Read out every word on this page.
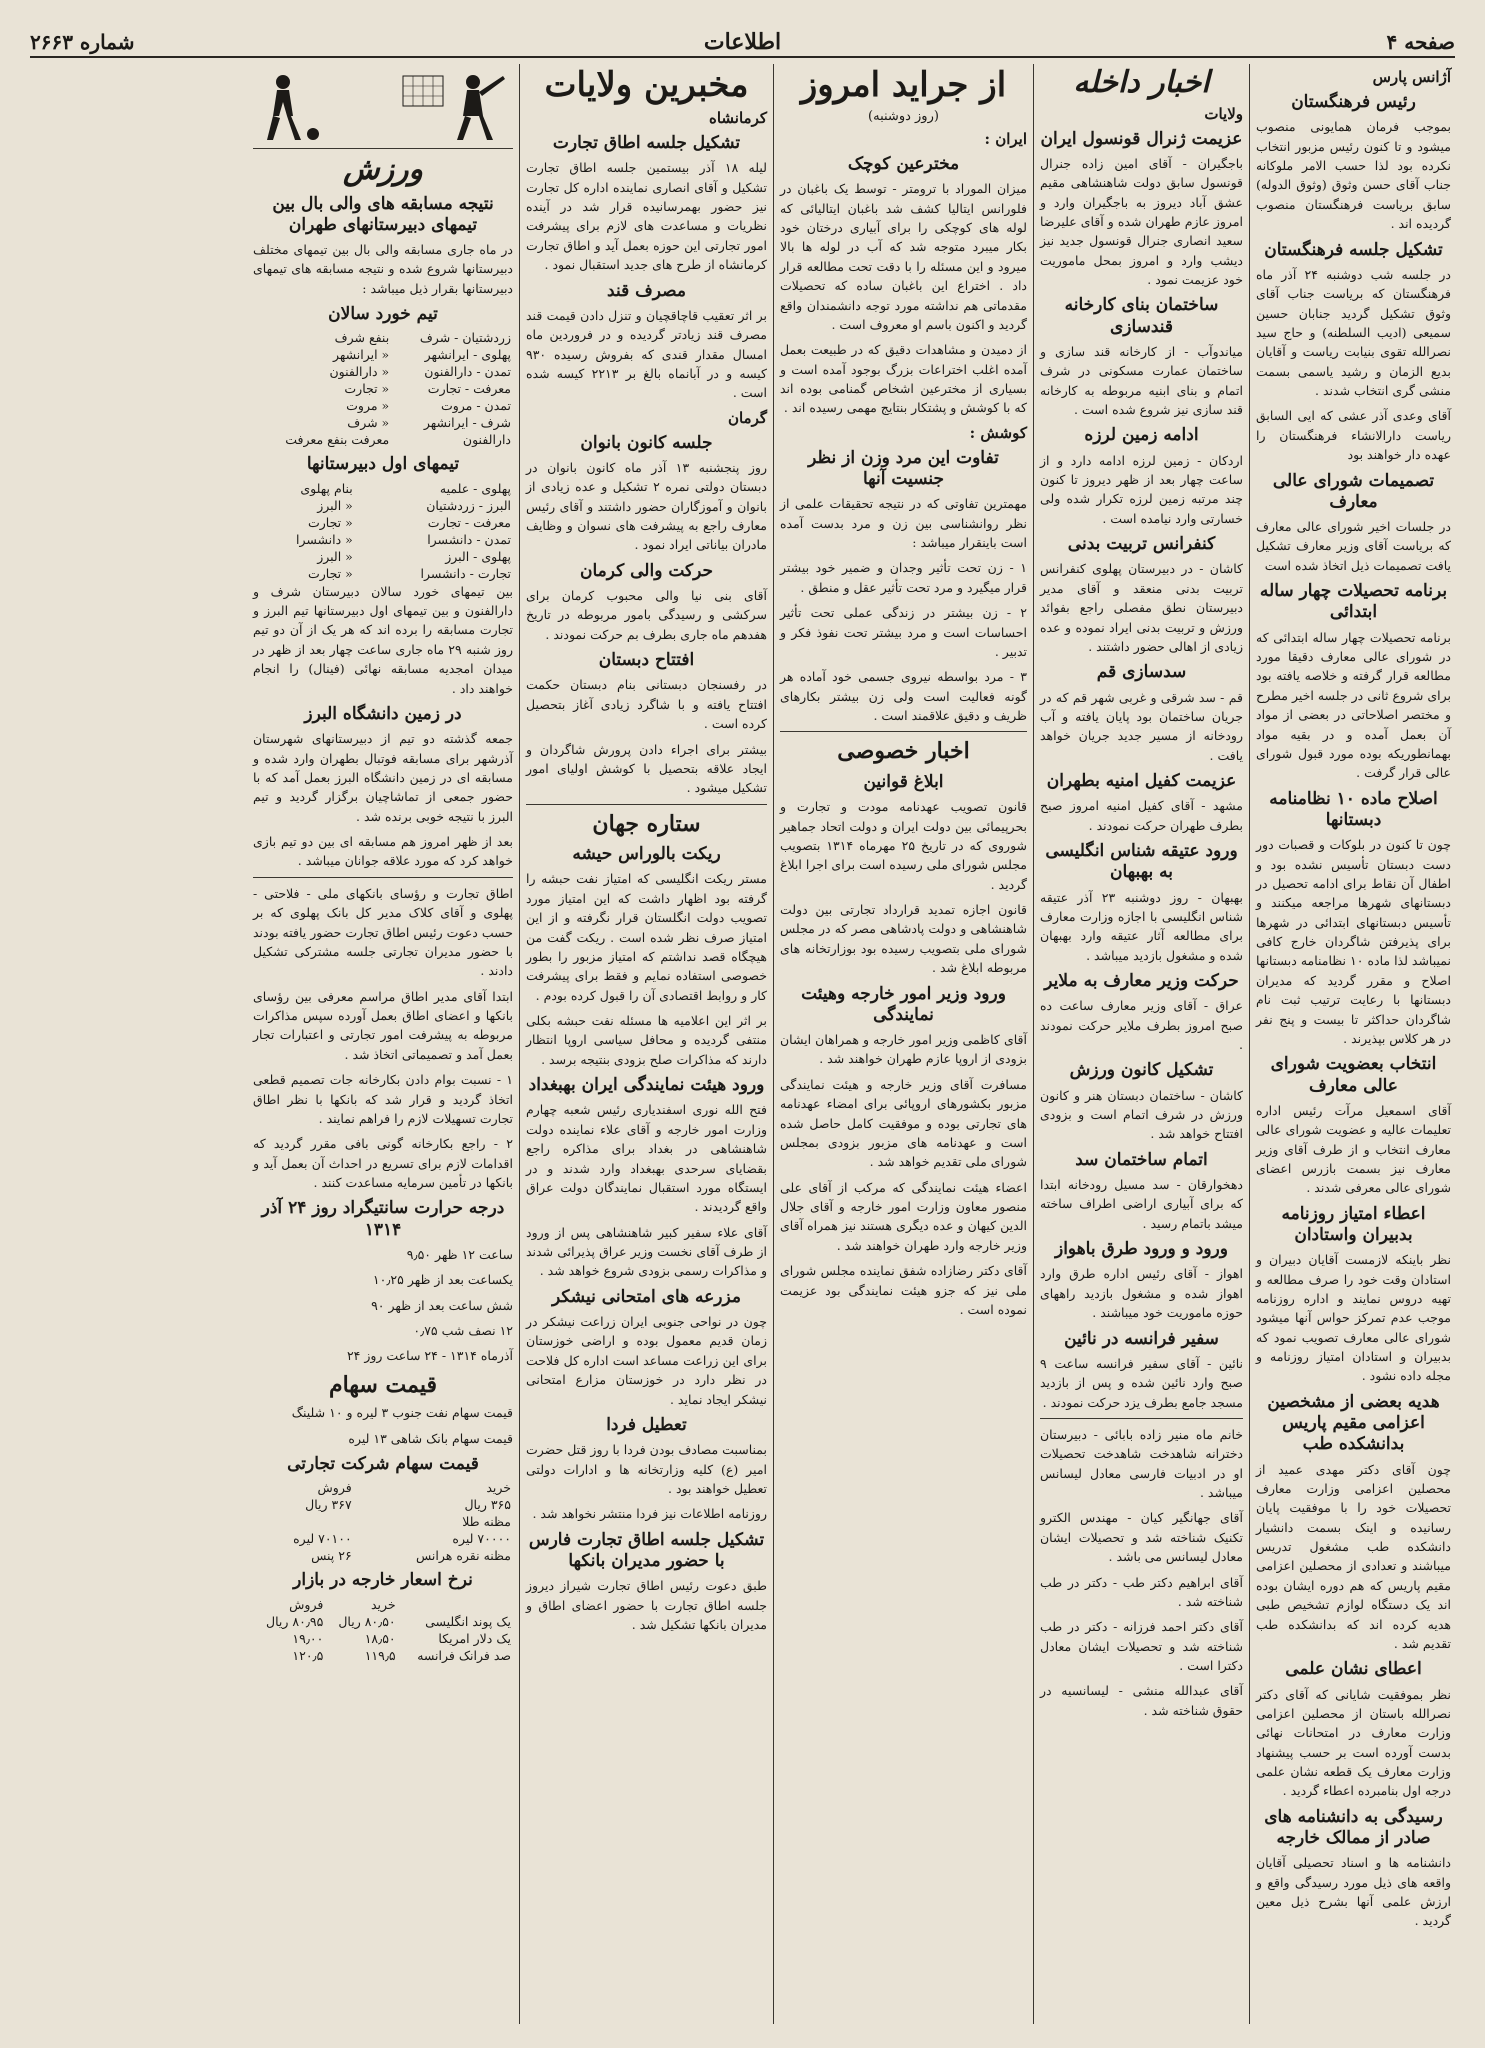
صفحه ۴
اطلاعات
شماره ۲۶۶۳
آژانس پارس
رئیس فرهنگستان

بموجب فرمان همایونی منصوب میشود و تا کنون رئیس مزبور انتخاب نکرده بود لذا حسب الامر ملوکانه جناب آقای حسن وثوق (وثوق الدوله) سابق بریاست فرهنگستان منصوب گردیده اند .

تشکیل جلسه فرهنگستان

در جلسه شب دوشنبه ۲۴ آذر ماه فرهنگستان که بریاست جناب آقای وثوق تشکیل گردید جنابان حسین سمیعی (ادیب السلطنه) و حاج سید نصرالله تقوی بنیابت ریاست و آقایان بدیع الزمان و رشید یاسمی بسمت منشی گری انتخاب شدند .

آقای وعدی آذر عشی که ایی السابق ریاست دارالانشاء فرهنگستان را عهده دار خواهند بود

تصمیمات شورای عالی معارف

در جلسات اخیر شورای عالی معارف که بریاست آقای وزیر معارف تشکیل یافت تصمیمات ذیل اتخاذ شده است

برنامه تحصیلات چهار ساله ابتدائی

برنامه تحصیلات چهار ساله ابتدائی که در شورای عالی معارف دقیقا مورد مطالعه قرار گرفته و خلاصه یافته بود برای شروع ثانی در جلسه اخیر مطرح و مختصر اصلاحاتی در بعضی از مواد آن بعمل آمده و در بقیه مواد بهمانطوریکه بوده مورد قبول شورای عالی قرار گرفت .

اصلاح ماده ۱۰ نظامنامه دبستانها

چون تا کنون در بلوکات و قصبات دور دست دبستان تأسیس نشده بود و اطفال آن نقاط برای ادامه تحصیل در دبستانهای شهرها مراجعه میکنند و تأسیس دبستانهای ابتدائی در شهرها برای پذیرفتن شاگردان خارج کافی نمیباشد لذا ماده ۱۰ نظامنامه دبستانها اصلاح و مقرر گردید که مدیران دبستانها با رعایت ترتیب ثبت نام شاگردان حداکثر تا بیست و پنج نفر در هر کلاس بپذیرند .

انتخاب بعضویت شورای عالی معارف

آقای اسمعیل مرآت رئیس اداره تعلیمات عالیه و عضویت شورای عالی معارف انتخاب و از طرف آقای وزیر معارف نیز بسمت بازرس اعضای شورای عالی معرفی شدند .

اعطاء امتیاز روزنامه بدبیران واستادان

نظر باینکه لازمست آقایان دبیران و استادان وقت خود را صرف مطالعه و تهیه دروس نمایند و اداره روزنامه موجب عدم تمرکز حواس آنها میشود شورای عالی معارف تصویب نمود که بدبیران و استادان امتیاز روزنامه و مجله داده نشود .

هدیه بعضی از مشخصین اعزامی مقیم پاریس بدانشکده طب

چون آقای دکتر مهدی عمید از محصلین اعزامی وزارت معارف تحصیلات خود را با موفقیت پایان رسانیده و اینک بسمت دانشیار دانشکده طب مشغول تدریس میباشند و تعدادی از محصلین اعزامی مقیم پاریس که هم دوره ایشان بوده اند یک دستگاه لوازم تشخیص طبی هدیه کرده اند که بدانشکده طب تقدیم شد .

اعطای نشان علمی

نظر بموفقیت شایانی که آقای دکتر نصرالله باستان از محصلین اعزامی وزارت معارف در امتحانات نهائی بدست آورده است بر حسب پیشنهاد وزارت معارف یک قطعه نشان علمی درجه اول بنامبرده اعطاء گردید .

رسیدگی به دانشنامه های صادر از ممالک خارجه

دانشنامه ها و اسناد تحصیلی آقایان واقعه های ذیل مورد رسیدگی واقع و ارزش علمی آنها بشرح ذیل معین گردید .

اخبار داخله
ولایات
عزیمت ژنرال قونسول ایران

باجگیران - آقای امین زاده جنرال قونسول سابق دولت شاهنشاهی مقیم عشق آباد دیروز به باجگیران وارد و امروز عازم طهران شده و آقای علیرضا سعید انصاری جنرال قونسول جدید نیز دیشب وارد و امروز بمحل ماموریت خود عزیمت نمود .

ساختمان بنای کارخانه قندسازی

میاندوآب - از کارخانه قند سازی و ساختمان عمارت مسکونی در شرف اتمام و بنای ابنیه مربوطه به کارخانه قند سازی نیز شروع شده است .

ادامه زمین لرزه

اردکان - زمین لرزه ادامه دارد و از ساعت چهار بعد از ظهر دیروز تا کنون چند مرتبه زمین لرزه تکرار شده ولی خسارتی وارد نیامده است .

کنفرانس تربیت بدنی

کاشان - در دبیرستان پهلوی کنفرانس تربیت بدنی منعقد و آقای مدیر دبیرستان نطق مفصلی راجع بفوائد ورزش و تربیت بدنی ایراد نموده و عده زیادی از اهالی حضور داشتند .

سدسازی قم

قم - سد شرقی و غربی شهر قم که در جریان ساختمان بود پایان یافته و آب رودخانه از مسیر جدید جریان خواهد یافت .

عزیمت کفیل امنیه بطهران

مشهد - آقای کفیل امنیه امروز صبح بطرف طهران حرکت نمودند .

ورود عتیقه شناس انگلیسی به بهبهان

بهبهان - روز دوشنبه ۲۳ آذر عتیقه شناس انگلیسی با اجازه وزارت معارف برای مطالعه آثار عتیقه وارد بهبهان شده و مشغول بازدید میباشد .

حرکت وزیر معارف به ملایر

عراق - آقای وزیر معارف ساعت ده صبح امروز بطرف ملایر حرکت نمودند .

تشکیل کانون ورزش

کاشان - ساختمان دبستان هنر و کانون ورزش در شرف اتمام است و بزودی افتتاح خواهد شد .

اتمام ساختمان سد

دهخوارقان - سد مسیل رودخانه ابتدا که برای آبیاری اراضی اطراف ساخته میشد باتمام رسید .

ورود و ورود طرق باهواز

اهواز - آقای رئیس اداره طرق وارد اهواز شده و مشغول بازدید راههای حوزه ماموریت خود میباشند .

سفیر فرانسه در نائین

نائین - آقای سفیر فرانسه ساعت ۹ صبح وارد نائین شده و پس از بازدید مسجد جامع بطرف یزد حرکت نمودند .

خانم ماه منیر زاده بابائی - دبیرستان دخترانه شاهدخت شاهدخت تحصیلات او در ادبیات فارسی معادل لیسانس میباشد .

آقای جهانگیر کیان - مهندس الکترو تکنیک شناخته شد و تحصیلات ایشان معادل لیسانس می باشد .

آقای ابراهیم دکتر طب - دکتر در طب شناخته شد .

آقای دکتر احمد فرزانه - دکتر در طب شناخته شد و تحصیلات ایشان معادل دکترا است .

آقای عبدالله منشی - لیسانسیه در حقوق شناخته شد .

از جراید امروز
(روز دوشنبه)
ایران :
مخترعین کوچک

میزان الموراد با ترومتر - توسط یک باغبان در فلورانس ایتالیا کشف شد باغبان ایتالیائی که لوله های کوچکی را برای آبیاری درختان خود بکار میبرد متوجه شد که آب در لوله ها بالا میرود و این مسئله را با دقت تحت مطالعه قرار داد . اختراع این باغبان ساده که تحصیلات مقدماتی هم نداشته مورد توجه دانشمندان واقع گردید و اکنون باسم او معروف است .

از دمیدن و مشاهدات دقیق که در طبیعت بعمل آمده اغلب اختراعات بزرگ بوجود آمده است و بسیاری از مخترعین اشخاص گمنامی بوده اند که با کوشش و پشتکار بنتایج مهمی رسیده اند .

کوشش :
تفاوت این مرد وزن از نظر جنسیت آنها

مهمترین تفاوتی که در نتیجه تحقیقات علمی از نظر روانشناسی بین زن و مرد بدست آمده است باینقرار میباشد :

۱ - زن تحت تأثیر وجدان و ضمیر خود بیشتر قرار میگیرد و مرد تحت تأثیر عقل و منطق .

۲ - زن بیشتر در زندگی عملی تحت تأثیر احساسات است و مرد بیشتر تحت نفوذ فکر و تدبیر .

۳ - مرد بواسطه نیروی جسمی خود آماده هر گونه فعالیت است ولی زن بیشتر بکارهای ظریف و دقیق علاقمند است .

اخبار خصوصی
ابلاغ قوانین

قانون تصویب عهدنامه مودت و تجارت و بحرپیمائی بین دولت ایران و دولت اتحاد جماهیر شوروی که در تاریخ ۲۵ مهرماه ۱۳۱۴ بتصویب مجلس شورای ملی رسیده است برای اجرا ابلاغ گردید .

قانون اجازه تمدید قرارداد تجارتی بین دولت شاهنشاهی و دولت پادشاهی مصر که در مجلس شورای ملی بتصویب رسیده بود بوزارتخانه های مربوطه ابلاغ شد .

ورود وزیر امور خارجه وهیئت نمایندگی

آقای کاظمی وزیر امور خارجه و همراهان ایشان بزودی از اروپا عازم طهران خواهند شد .

مسافرت آقای وزیر خارجه و هیئت نمایندگی مزبور بکشورهای اروپائی برای امضاء عهدنامه های تجارتی بوده و موفقیت کامل حاصل شده است و عهدنامه های مزبور بزودی بمجلس شورای ملی تقدیم خواهد شد .

اعضاء هیئت نمایندگی که مرکب از آقای علی منصور معاون وزارت امور خارجه و آقای جلال الدین کیهان و عده دیگری هستند نیز همراه آقای وزیر خارجه وارد طهران خواهند شد .

آقای دکتر رضازاده شفق نماینده مجلس شورای ملی نیز که جزو هیئت نمایندگی بود عزیمت نموده است .

مخبرین ولایات
کرمانشاه
تشکیل جلسه اطاق تجارت

لیله ۱۸ آذر بیستمین جلسه اطاق تجارت تشکیل و آقای انصاری نماینده اداره کل تجارت نیز حضور بهمرسانیده قرار شد در آینده نظریات و مساعدت های لازم برای پیشرفت امور تجارتی این حوزه بعمل آید و اطاق تجارت کرمانشاه از طرح های جدید استقبال نمود .

مصرف قند

بر اثر تعقیب قاچاقچیان و تنزل دادن قیمت قند مصرف قند زیادتر گردیده و در فروردین ماه امسال مقدار قندی که بفروش رسیده ۹۳۰ کیسه و در آبانماه بالغ بر ۲۲۱۳ کیسه شده است .

گرمان
جلسه کانون بانوان

روز پنجشنبه ۱۳ آذر ماه کانون بانوان در دبستان دولتی نمره ۲ تشکیل و عده زیادی از بانوان و آموزگاران حضور داشتند و آقای رئیس معارف راجع به پیشرفت های نسوان و وظایف مادران بیاناتی ایراد نمود .

حرکت والی کرمان

آقای بنی نیا والی محبوب کرمان برای سرکشی و رسیدگی بامور مربوطه در تاریخ هفدهم ماه جاری بطرف بم حرکت نمودند .

افتتاح دبستان

در رفسنجان دبستانی بنام دبستان حکمت افتتاح یافته و با شاگرد زیادی آغاز بتحصیل کرده است .

بیشتر برای اجراء دادن پرورش شاگردان و ایجاد علاقه بتحصیل با کوشش اولیای امور تشکیل میشود .

ستاره جهان
ریکت بالوراس حیشه

مستر ریکت انگلیسی که امتیاز نفت حبشه را گرفته بود اظهار داشت که این امتیاز مورد تصویب دولت انگلستان قرار نگرفته و از این امتیاز صرف نظر شده است . ریکت گفت من هیچگاه قصد نداشتم که امتیاز مزبور را بطور خصوصی استفاده نمایم و فقط برای پیشرفت کار و روابط اقتصادی آن را قبول کرده بودم .

بر اثر این اعلامیه ها مسئله نفت حبشه بکلی منتفی گردیده و محافل سیاسی اروپا انتظار دارند که مذاکرات صلح بزودی بنتیجه برسد .

ورود هیئت نمایندگی ایران بهبغداد

فتح الله نوری اسفندیاری رئیس شعبه چهارم وزارت امور خارجه و آقای علاء نماینده دولت شاهنشاهی در بغداد برای مذاکره راجع بقضایای سرحدی بهبغداد وارد شدند و در ایستگاه مورد استقبال نمایندگان دولت عراق واقع گردیدند .

آقای علاء سفیر کبیر شاهنشاهی پس از ورود از طرف آقای نخست وزیر عراق پذیرائی شدند و مذاکرات رسمی بزودی شروع خواهد شد .

مزرعه های امتحانی نیشکر

چون در نواحی جنوبی ایران زراعت نیشکر در زمان قدیم معمول بوده و اراضی خوزستان برای این زراعت مساعد است اداره کل فلاحت در نظر دارد در خوزستان مزارع امتحانی نیشکر ایجاد نماید .

تعطیل فردا

بمناسبت مصادف بودن فردا با روز قتل حضرت امیر (ع) کلیه وزارتخانه ها و ادارات دولتی تعطیل خواهند بود .

روزنامه اطلاعات نیز فردا منتشر نخواهد شد .

تشکیل جلسه اطاق تجارت فارس با حضور مدیران بانکها

طبق دعوت رئیس اطاق تجارت شیراز دیروز جلسه اطاق تجارت با حضور اعضای اطاق و مدیران بانکها تشکیل شد .

ورزش
نتیجه مسابقه های والی بال بین تیمهای دبیرستانهای طهران

در ماه جاری مسابقه والی بال بین تیمهای مختلف دبیرستانها شروع شده و نتیجه مسابقه های تیمهای دبیرستانها بقرار ذیل میباشد :

تیم خورد سالان
زردشتیان - شرف	بنفع شرف
پهلوی - ایرانشهر	« ایرانشهر
تمدن - دارالفنون	« دارالفنون
معرفت - تجارت	« تجارت
تمدن - مروت	« مروت
شرف - ایرانشهر	« شرف
دارالفنون	معرفت بنفع معرفت
تیمهای اول دبیرستانها
پهلوی - علمیه	بنام پهلوی
البرز - زردشتیان	« البرز
معرفت - تجارت	« تجارت
تمدن - دانشسرا	« دانشسرا
پهلوی - البرز	« البرز
تجارت - دانشسرا	« تجارت

بین تیمهای خورد سالان دبیرستان شرف و دارالفنون و بین تیمهای اول دبیرستانها تیم البرز و تجارت مسابقه را برده اند که هر یک از آن دو تیم روز شنبه ۲۹ ماه جاری ساعت چهار بعد از ظهر در میدان امجدیه مسابقه نهائی (فینال) را انجام خواهند داد .

در زمین دانشگاه البرز

جمعه گذشته دو تیم از دبیرستانهای شهرستان آذرشهر برای مسابقه فوتبال بطهران وارد شده و مسابقه ای در زمین دانشگاه البرز بعمل آمد که با حضور جمعی از تماشاچیان برگزار گردید و تیم البرز با نتیجه خوبی برنده شد .

بعد از ظهر امروز هم مسابقه ای بین دو تیم بازی خواهد کرد که مورد علاقه جوانان میباشد .

اطاق تجارت و رؤسای بانکهای ملی - فلاحتی - پهلوی و آقای کلاک مدیر کل بانک پهلوی که بر حسب دعوت رئیس اطاق تجارت حضور یافته بودند با حضور مدیران تجارتی جلسه مشترکی تشکیل دادند .

ابتدا آقای مدیر اطاق مراسم معرفی بین رؤسای بانکها و اعضای اطاق بعمل آورده سپس مذاکرات مربوطه به پیشرفت امور تجارتی و اعتبارات تجار بعمل آمد و تصمیماتی اتخاذ شد .

۱ - نسبت بوام دادن بکارخانه جات تصمیم قطعی اتخاذ گردید و قرار شد که بانکها با نظر اطاق تجارت تسهیلات لازم را فراهم نمایند .

۲ - راجع بکارخانه گونی بافی مقرر گردید که اقدامات لازم برای تسریع در احداث آن بعمل آید و بانکها در تأمین سرمایه مساعدت کنند .

درجه حرارت سانتیگراد روز ۲۴ آذر ۱۳۱۴
ساعت ۱۲ ظهر ۹٫۵۰
یکساعت بعد از ظهر ۱۰٫۲۵
شش ساعت بعد از ظهر ۹۰
۱۲ نصف شب ۰٫۷۵

آذرماه ۱۳۱۴ - ۲۴ ساعت روز ۲۴

قیمت سهام

قیمت سهام نفت جنوب ۳ لیره و ۱۰ شلینگ

قیمت سهام بانک شاهی ۱۳ لیره

قیمت سهام شرکت تجارتی
خرید	فروش
۳۶۵ ریال	۳۶۷ ریال
مظنه طلا	
۷۰۰۰۰ لیره	۷۰۱۰۰ لیره
مظنه نقره هرانس	۲۶ پنس
نرخ اسعار خارجه در بازار
	خرید	فروش
یک پوند انگلیسی	۸۰٫۵۰ ریال	۸۰٫۹۵ ریال
یک دلار امریکا	۱۸٫۵۰	۱۹٫۰۰
صد فرانک فرانسه	۱۱۹٫۵	۱۲۰٫۵
